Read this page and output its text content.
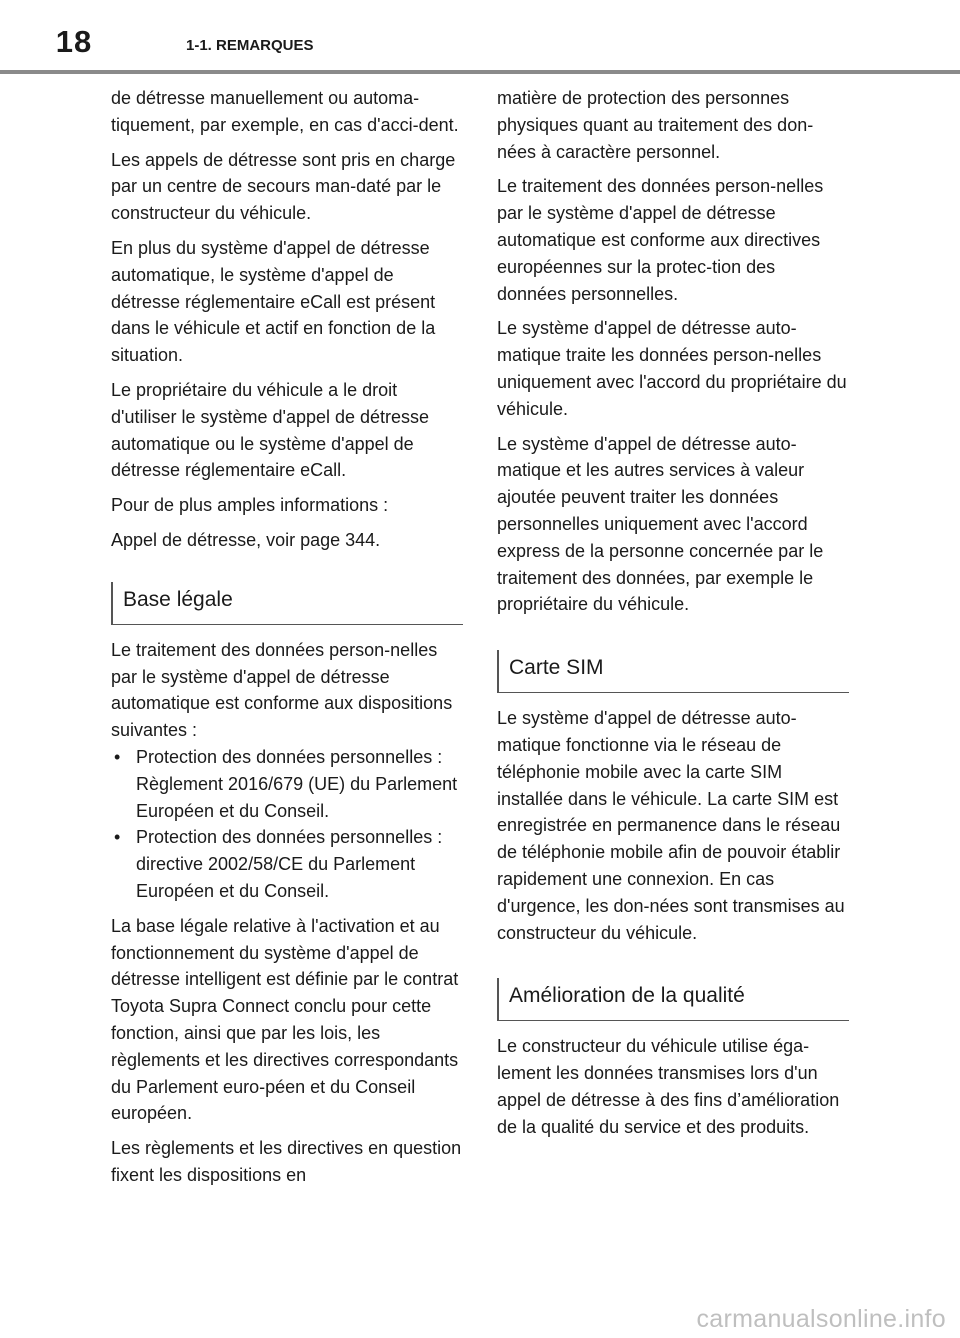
18	1-1. REMARQUES

de détresse manuellement ou automa-tiquement, par exemple, en cas d'acci-dent.

Les appels de détresse sont pris en charge par un centre de secours man-daté par le constructeur du véhicule.

En plus du système d'appel de détresse automatique, le système d'appel de détresse réglementaire eCall est présent dans le véhicule et actif en fonction de la situation.

Le propriétaire du véhicule a le droit d'utiliser le système d'appel de détresse automatique ou le système d'appel de détresse réglementaire eCall.

Pour de plus amples informations :

Appel de détresse, voir page 344.

Base légale

Le traitement des données person-nelles par le système d'appel de détresse automatique est conforme aux dispositions suivantes :

• Protection des données personnelles : Règlement 2016/679 (UE) du Parlement Européen et du Conseil.
• Protection des données personnelles : directive 2002/58/CE du Parlement Européen et du Conseil.

La base légale relative à l'activation et au fonctionnement du système d'appel de détresse intelligent est définie par le contrat Toyota Supra Connect conclu pour cette fonction, ainsi que par les lois, les règlements et les directives correspondants du Parlement euro-péen et du Conseil européen.

Les règlements et les directives en question fixent les dispositions en

matière de protection des personnes physiques quant au traitement des don-nées à caractère personnel.

Le traitement des données person-nelles par le système d'appel de détresse automatique est conforme aux directives européennes sur la protec-tion des données personnelles.

Le système d'appel de détresse auto-matique traite les données person-nelles uniquement avec l'accord du propriétaire du véhicule.

Le système d'appel de détresse auto-matique et les autres services à valeur ajoutée peuvent traiter les données personnelles uniquement avec l'accord express de la personne concernée par le traitement des données, par exemple le propriétaire du véhicule.

Carte SIM

Le système d'appel de détresse auto-matique fonctionne via le réseau de téléphonie mobile avec la carte SIM installée dans le véhicule. La carte SIM est enregistrée en permanence dans le réseau de téléphonie mobile afin de pouvoir établir rapidement une connexion. En cas d'urgence, les don-nées sont transmises au constructeur du véhicule.

Amélioration de la qualité

Le constructeur du véhicule utilise éga-lement les données transmises lors d'un appel de détresse à des fins d’amélioration de la qualité du service et des produits.

carmanualsonline.info
